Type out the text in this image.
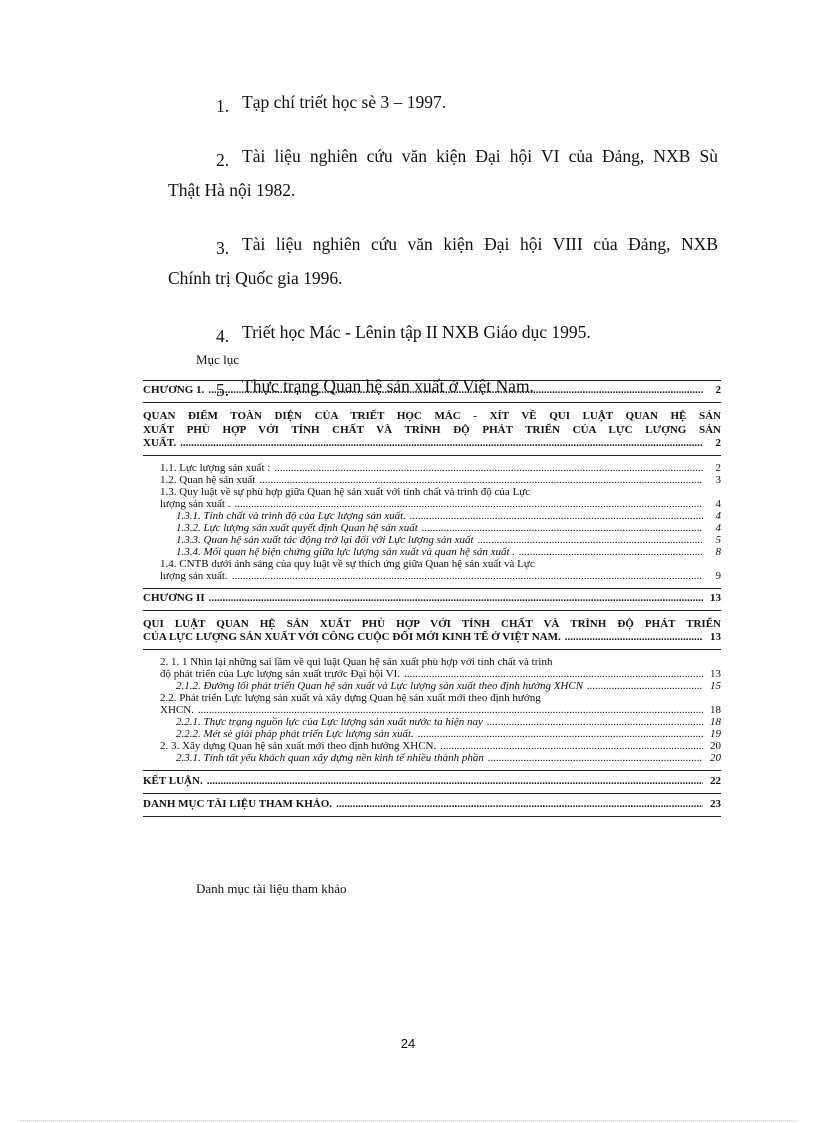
1. Tạp chí triết học sè 3 – 1997.
2. Tài liệu nghiên cứu văn kiện Đại hội VI của Đảng, NXB Sù
Thật Hà nội 1982.
3. Tài liệu nghiên cứu văn kiện Đại hội VIII của Đảng, NXB
Chính trị Quốc gia 1996.
4. Triết học Mác - Lênin tập II NXB Giáo dục 1995.
5. Thực trạng Quan hệ sản xuất ở Việt Nam.
Mục lục
CHƯƠNG 1. .....	2
QUAN ĐIỂM TOÀN DIỆN CỦA TRIẾT HỌC MÁC - XÍT VỀ QUI LUẬT QUAN HỆ SẢN
XUẤT PHÙ HỢP VỚI TÍNH CHẤT VÀ TRÌNH ĐỘ PHÁT TRIỂN CỦA LỰC LƯỢNG SẢN
XUẤT. .....	2
1.1. Lực lượng sản xuất : .....	2
1.2. Quan hệ sản xuất .....	3
1.3. Quy luật về sự phù hợp giữa Quan hệ sản xuất với tính chất và trình độ của Lực
lượng sản xuất . .....	4
1.3.1. Tính chất và trình độ của Lực lượng sản xuất. .....	4
1.3.2. Lực lượng sản xuất quyết định Quan hệ sản xuất .....	4
1.3.3. Quan hệ sản xuất tác động trở lại đối với Lực lượng sản xuất .....	5
1.3.4. Mối quan hệ biện chứng giữa lực lượng sản xuất và quan hệ sản xuất . .....	8
1.4. CNTB dưới ánh sáng của quy luật về sự thích ứng giữa Quan hệ sản xuất và Lực
lượng sản xuất. .....	9
CHƯƠNG II .....	13
QUI LUẬT QUAN HỆ SẢN XUẤT PHÙ HỢP VỚI TÍNH CHẤT VÀ TRÌNH ĐỘ PHÁT TRIỂN
CỦA LỰC LƯỢNG SẢN XUẤT VỚI CÔNG CUỘC ĐỔI MỚI KINH TẾ Ở VIỆT NAM. .....	13
2. 1. 1 Nhìn lại những sai lầm về qui luật Quan hệ sản xuất phù hợp với tính chất và trình
độ phát triển của Lực lượng sản xuất trước Đại hội VI. .....	13
2.1.2. Đường lối phát triển Quan hệ sản xuất và Lực lượng sản xuất theo định hướng XHCN .....	15
2.2. Phát triển Lực lượng sản xuất và xây dựng Quan hệ sản xuất mới theo định hướng
XHCN. .....	18
2.2.1. Thực trạng nguồn lực của Lực lượng sản xuất nước ta hiện nay .....	18
2.2.2. Mét sè giải pháp phát triển Lực lượng sản xuất. .....	19
2. 3. Xây dựng Quan hệ sản xuất mới theo định hướng XHCN. .....	20
2.3.1. Tính tất yếu khách quan xây dựng nền kinh tế nhiều thành phần .....	20
KẾT LUẬN. .....	22
DANH MỤC TÀI LIỆU THAM KHẢO. .....	23
Danh mục tài liệu tham khảo
24
